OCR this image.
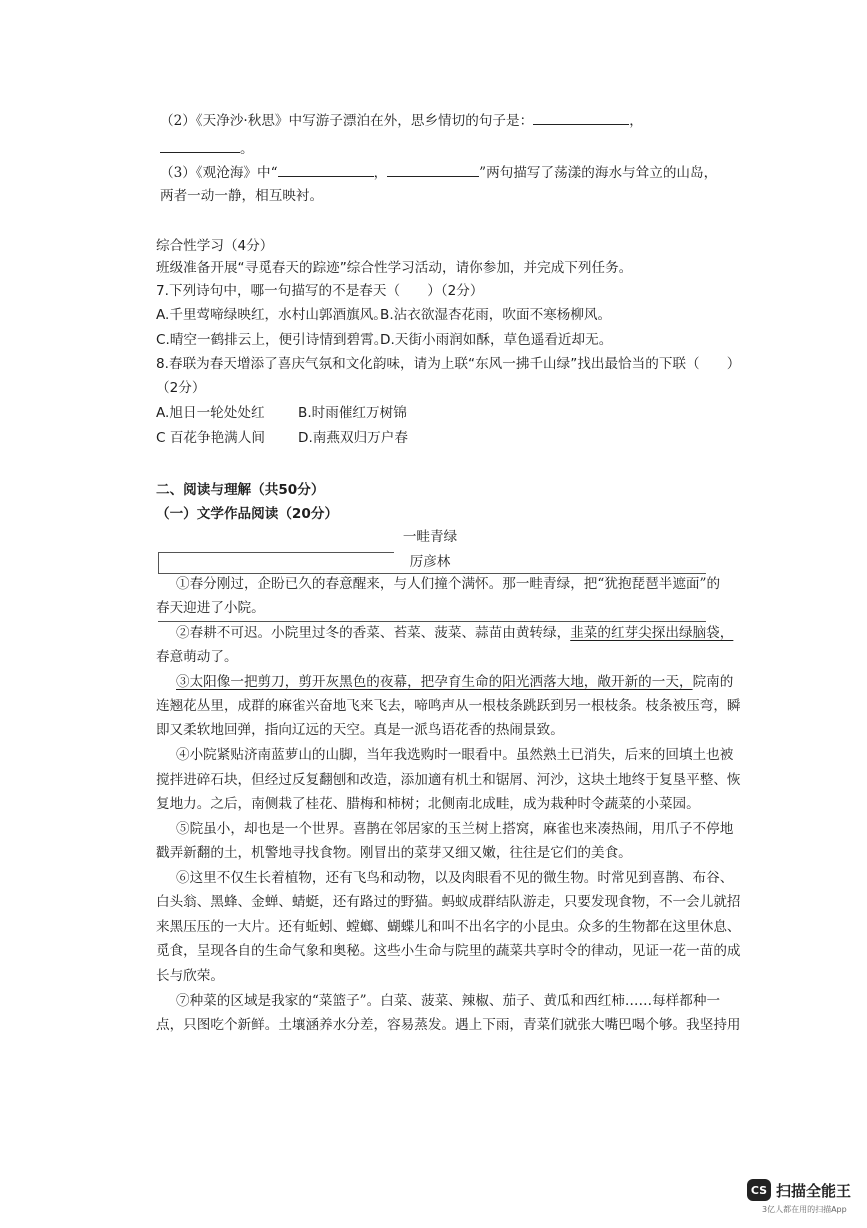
（2）《天净沙·秋思》中写游子漂泊在外，思乡情切的句子是：	，
。
（3）《观沧海》中“	，	”两句描写了荡漾的海水与耸立的山岛，
两者一动一静，相互映衬。
综合性学习（4分）
班级准备开展“寻觅春天的踪迹”综合性学习活动，请你参加，并完成下列任务。
7.下列诗句中，哪一句描写的不是春天（　　）（2分）
A.千里莺啼绿映红，水村山郭酒旗风。
B.沾衣欲湿杏花雨，吹面不寒杨柳风。
C.晴空一鹤排云上，便引诗情到碧霄。
D.天街小雨润如酥，草色遥看近却无。
8.春联为春天增添了喜庆气氛和文化韵味，请为上联“东风一拂千山绿”找出最恰当的下联（　　）
（2分）
A.旭日一轮处处红 B.时雨催红万树锦
C 百花争艳满人间 D.南燕双归万户春
二、阅读与理解（共50分）
（一）文学作品阅读（20分）
一畦青绿
厉彦林
①春分刚过，企盼已久的春意醒来，与人们撞个满怀。那一畦青绿，把“犹抱琵琶半遮面”的
春天迎进了小院。
②春耕不可迟。小院里过冬的香菜、苔菜、菠菜、蒜苗由黄转绿，韭菜的红芽尖探出绿脑袋，
春意萌动了。
③太阳像一把剪刀，剪开灰黑色的夜幕，把孕育生命的阳光洒落大地，敞开新的一天，院南的
连翘花丛里，成群的麻雀兴奋地飞来飞去，啼鸣声从一根枝条跳跃到另一根枝条。枝条被压弯，瞬
即又柔软地回弹，指向辽远的天空。真是一派鸟语花香的热闹景致。
④小院紧贴济南蓝萝山的山脚，当年我选购时一眼看中。虽然熟土已消失，后来的回填土也被
搅拌进碎石块，但经过反复翻刨和改造，添加適有机土和锯屑、河沙，这块土地终于复垦平整、恢
复地力。之后，南侧栽了桂花、腊梅和柿树；北侧南北成畦，成为栽种时令蔬菜的小菜园。
⑤院虽小，却也是一个世界。喜鹊在邻居家的玉兰树上搭窝，麻雀也来凑热闹，用爪子不停地
戳弄新翻的土，机警地寻找食物。刚冒出的菜芽又细又嫩，往往是它们的美食。
⑥这里不仅生长着植物，还有飞鸟和动物，以及肉眼看不见的微生物。时常见到喜鹊、布谷、
白头翁、黑蜂、金蝉、蜻蜓，还有路过的野猫。蚂蚁成群结队游走，只要发现食物，不一会儿就招
来黑压压的一大片。还有蚯蚓、螳螂、蝴蝶儿和叫不出名字的小昆虫。众多的生物都在这里休息、
觅食，呈现各自的生命气象和奥秘。这些小生命与院里的蔬菜共享时令的律动，见证一花一苗的成
长与欣荣。
⑦种菜的区域是我家的“菜篮子”。白菜、菠菜、辣椒、茄子、黄瓜和西红柿……每样都种一
点，只图吃个新鲜。土壤涵养水分差，容易蒸发。遇上下雨，青菜们就张大嘴巴喝个够。我坚持用
CS 扫描全能王
3亿人都在用的扫描App
